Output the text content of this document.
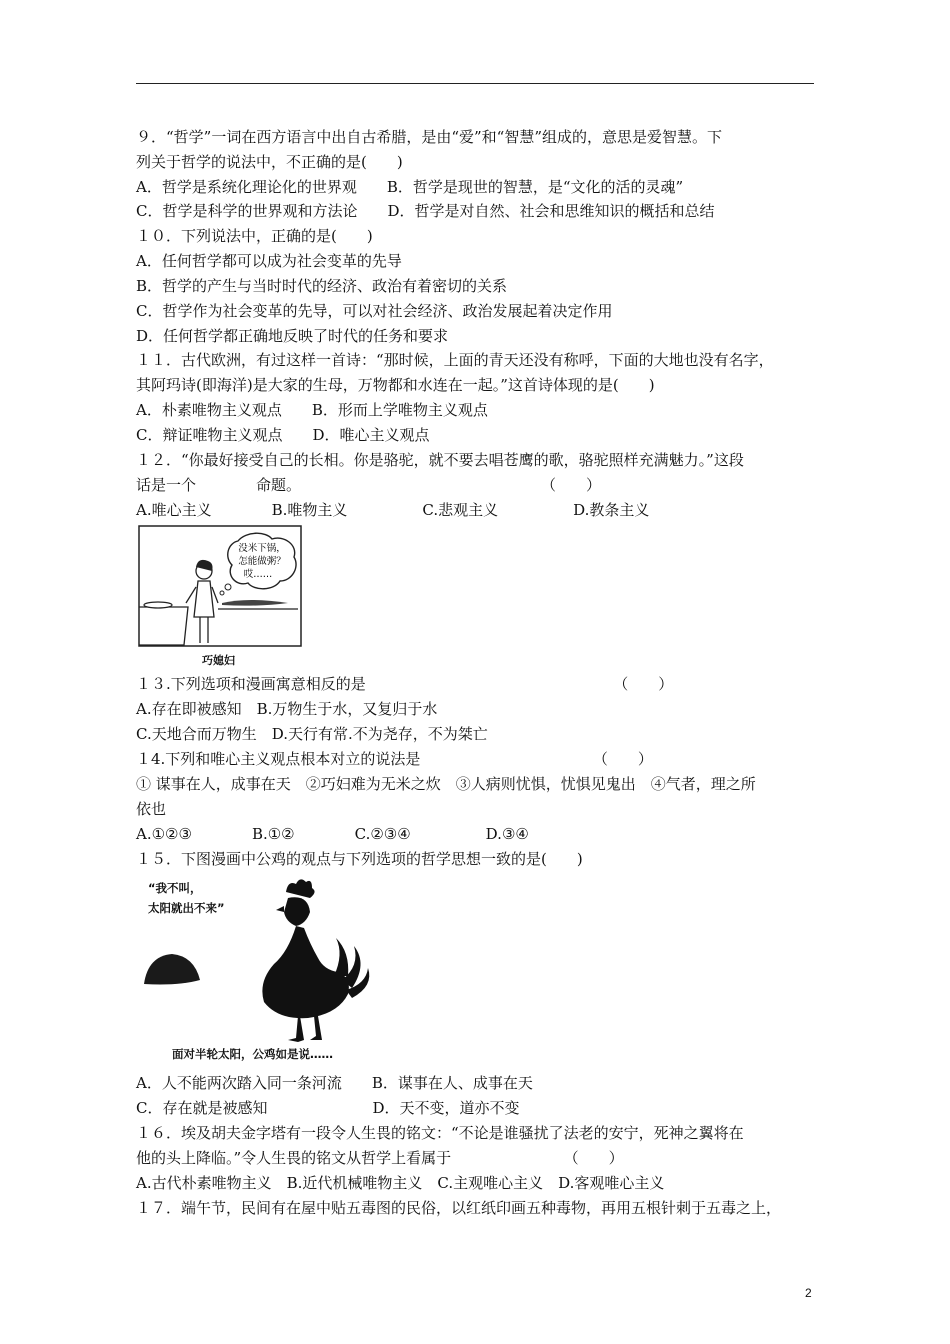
９．“哲学”一词在西方语言中出自古希腊，是由“爱”和“智慧”组成的，意思是爱智慧。下
列关于哲学的说法中，不正确的是(　　)
A．哲学是系统化理论化的世界观　　B．哲学是现世的智慧，是“文化的活的灵魂”
C．哲学是科学的世界观和方法论　　D．哲学是对自然、社会和思维知识的概括和总结
１０．下列说法中，正确的是(　　)
A．任何哲学都可以成为社会变革的先导
B．哲学的产生与当时时代的经济、政治有着密切的关系
C．哲学作为社会变革的先导，可以对社会经济、政治发展起着决定作用
D．任何哲学都正确地反映了时代的任务和要求
１１．古代欧洲，有过这样一首诗：“那时候，上面的青天还没有称呼，下面的大地也没有名字，
其阿玛诗(即海洋)是大家的生母，万物都和水连在一起。”这首诗体现的是(　　)
A．朴素唯物主义观点　　B．形而上学唯物主义观点
C．辩证唯物主义观点　　D．唯心主义观点
１２．“你最好接受自己的长相。你是骆驼，就不要去唱苍鹰的歌，骆驼照样充满魅力。”这段
话是一个　　　　命题。　　　　　　　　　　　　　　　　　（　　）
A.唯心主义　　　　B.唯物主义　　　　　C.悲观主义　　　　　D.教条主义
没米下锅，
怎能做粥？
哎……
巧媳妇
１３.下列选项和漫画寓意相反的是　　　　　　　　　　　　　　　　　（　　）
A.存在即被感知　B.万物生于水，又复归于水
C.天地合而万物生　D.天行有常.不为尧存，不为桀亡
１4.下列和唯心主义观点根本对立的说法是　　　　　　　　　　　　（　　）
① 谋事在人，成事在天　②巧妇难为无米之炊　③人病则忧惧，忧惧见鬼出　④气者，理之所
依也
A.①②③　　　　B.①②　　　　C.②③④　　　　　D.③④
１５．下图漫画中公鸡的观点与下列选项的哲学思想一致的是(　　)
“我不叫，
太阳就出不来”
面对半轮太阳，公鸡如是说……
A．人不能两次踏入同一条河流　　B．谋事在人、成事在天
C．存在就是被感知　　　　　　　D．天不变，道亦不变
１６．埃及胡夫金字塔有一段令人生畏的铭文：“不论是谁骚扰了法老的安宁，死神之翼将在
他的头上降临。”令人生畏的铭文从哲学上看属于　　　　　　　　（　　）
A.古代朴素唯物主义　B.近代机械唯物主义　C.主观唯心主义　D.客观唯心主义
１７．端午节，民间有在屋中贴五毒图的民俗，以红纸印画五种毒物，再用五根针刺于五毒之上，
2
